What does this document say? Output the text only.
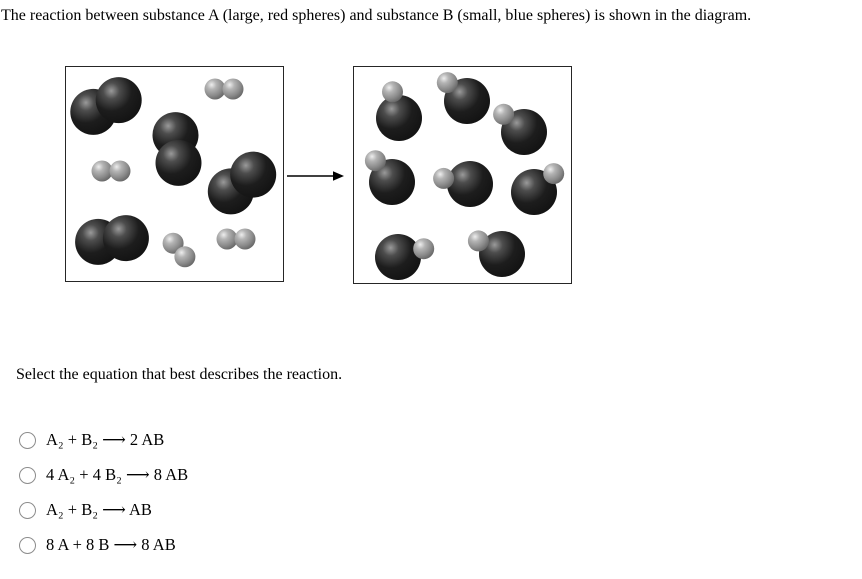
The reaction between substance A (large, red spheres) and substance B (small, blue spheres) is shown in the diagram.

Select the equation that best describes the reaction.

A₂ + B₂ ⟶ 2 AB
4 A₂ + 4 B₂ ⟶ 8 AB
A₂ + B₂ ⟶ AB
8 A + 8 B ⟶ 8 AB
